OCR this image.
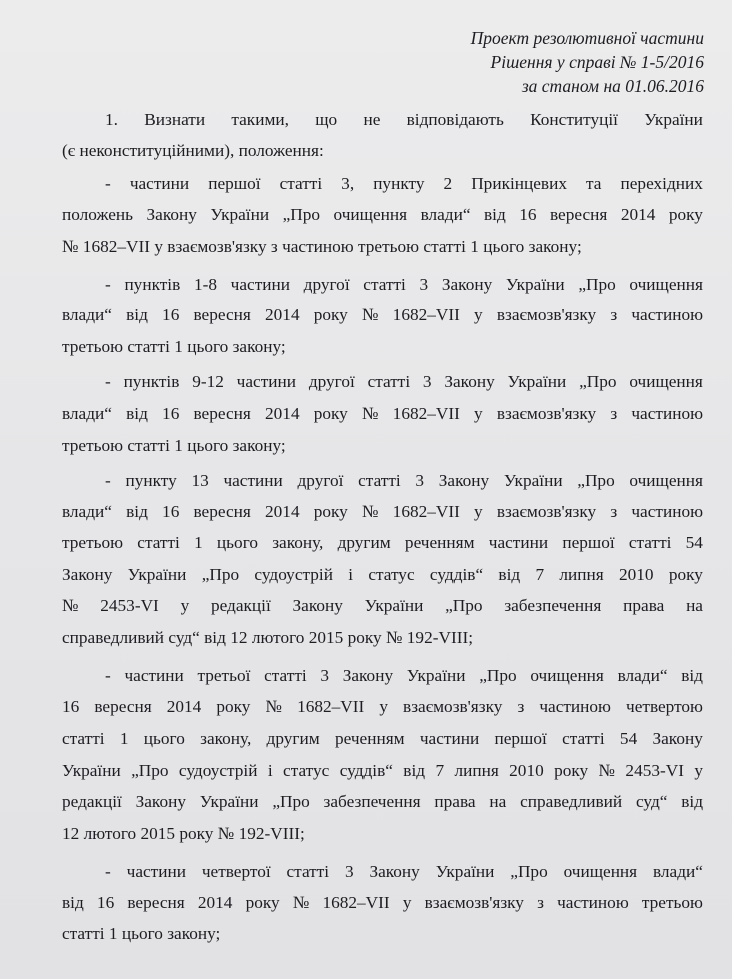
Проект резолютивної частини
Рішення у справі № 1-5/2016
за станом на 01.06.2016
1. Визнати такими, що не відповідають Конституції України
(є неконституційними), положення:
- частини першої статті 3, пункту 2 Прикінцевих та перехідних
положень Закону України „Про очищення влади“ від 16 вересня 2014 року
№ 1682–VII у взаємозв'язку з частиною третьою статті 1 цього закону;
- пунктів 1-8 частини другої статті 3 Закону України „Про очищення
влади“ від 16 вересня 2014 року № 1682–VII у взаємозв'язку з частиною
третьою статті 1 цього закону;
- пунктів 9-12 частини другої статті 3 Закону України „Про очищення
влади“ від 16 вересня 2014 року № 1682–VII у взаємозв'язку з частиною
третьою статті 1 цього закону;
- пункту 13 частини другої статті 3 Закону України „Про очищення
влади“ від 16 вересня 2014 року № 1682–VII у взаємозв'язку з частиною
третьою статті 1 цього закону, другим реченням частини першої статті 54
Закону України „Про судоустрій і статус суддів“ від 7 липня 2010 року
№ 2453-VI у редакції Закону України „Про забезпечення права на
справедливий суд“ від 12 лютого 2015 року № 192-VIII;
- частини третьої статті 3 Закону України „Про очищення влади“ від
16 вересня 2014 року № 1682–VII у взаємозв'язку з частиною четвертою
статті 1 цього закону, другим реченням частини першої статті 54 Закону
України „Про судоустрій і статус суддів“ від 7 липня 2010 року № 2453-VI у
редакції Закону України „Про забезпечення права на справедливий суд“ від
12 лютого 2015 року № 192-VIII;
- частини четвертої статті 3 Закону України „Про очищення влади“
від 16 вересня 2014 року № 1682–VII у взаємозв'язку з частиною третьою
статті 1 цього закону;
